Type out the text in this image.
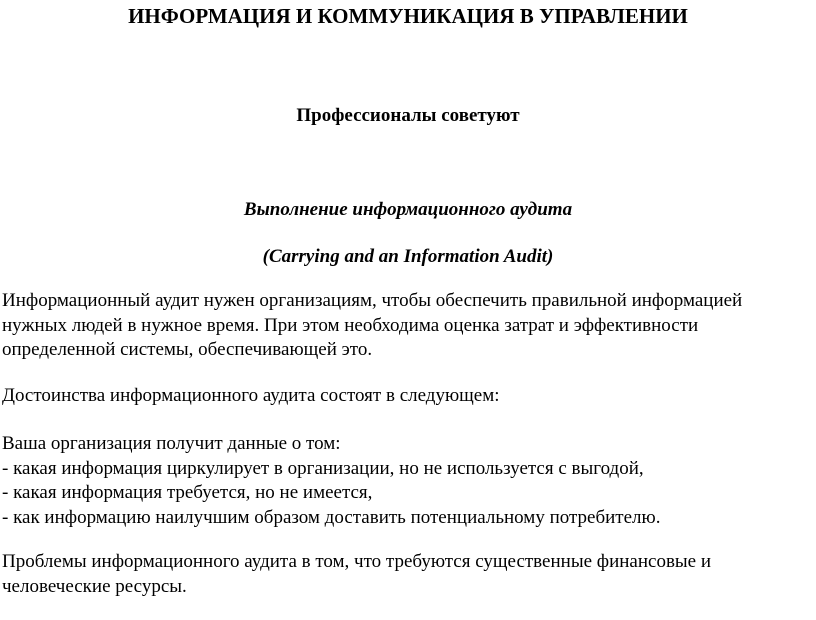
ИНФОРМАЦИЯ И КОММУНИКАЦИЯ В УПРАВЛЕНИИ
Профессионалы советуют
Выполнение информационного аудита
(Carrying and an Information Audit)
Информационный аудит нужен организациям, чтобы обеспечить правильной информацией
нужных людей в нужное время. При этом необходима оценка затрат и эффективности
определенной системы, обеспечивающей это.
Достоинства информационного аудита состоят в следующем:
Ваша организация получит данные о том:
- какая информация циркулирует в организации, но не используется с выгодой,
- какая информация требуется, но не имеется,
- как информацию наилучшим образом доставить потенциальному потребителю.
Проблемы информационного аудита в том, что требуются существенные финансовые и
человеческие ресурсы.
